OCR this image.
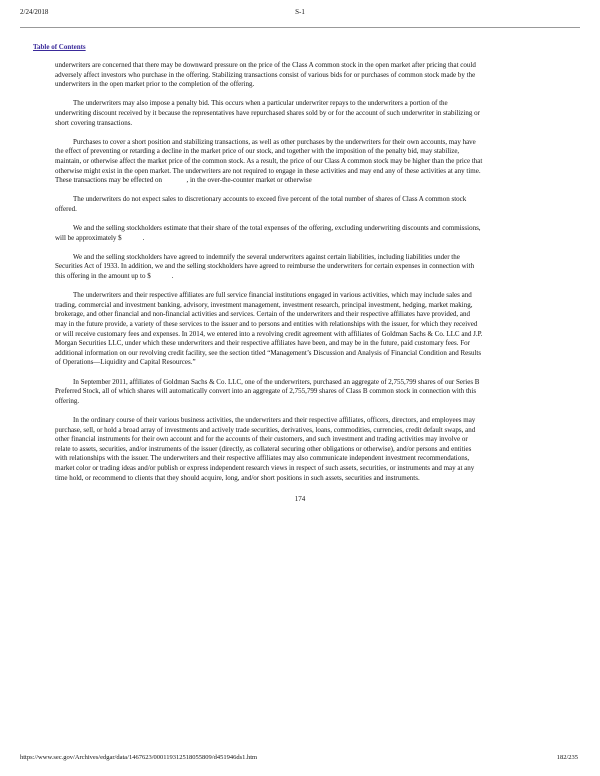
2/24/2018	S-1
Table of Contents
underwriters are concerned that there may be downward pressure on the price of the Class A common stock in the open market after pricing that could
adversely affect investors who purchase in the offering. Stabilizing transactions consist of various bids for or purchases of common stock made by the
underwriters in the open market prior to the completion of the offering.
The underwriters may also impose a penalty bid. This occurs when a particular underwriter repays to the underwriters a portion of the
underwriting discount received by it because the representatives have repurchased shares sold by or for the account of such underwriter in stabilizing or
short covering transactions.
Purchases to cover a short position and stabilizing transactions, as well as other purchases by the underwriters for their own accounts, may have
the effect of preventing or retarding a decline in the market price of our stock, and together with the imposition of the penalty bid, may stabilize,
maintain, or otherwise affect the market price of the common stock. As a result, the price of our Class A common stock may be higher than the price that
otherwise might exist in the open market. The underwriters are not required to engage in these activities and may end any of these activities at any time.
These transactions may be effected on              , in the over-the-counter market or otherwise
The underwriters do not expect sales to discretionary accounts to exceed five percent of the total number of shares of Class A common stock
offered.
We and the selling stockholders estimate that their share of the total expenses of the offering, excluding underwriting discounts and commissions,
will be approximately $            .
We and the selling stockholders have agreed to indemnify the several underwriters against certain liabilities, including liabilities under the
Securities Act of 1933. In addition, we and the selling stockholders have agreed to reimburse the underwriters for certain expenses in connection with
this offering in the amount up to $            .
The underwriters and their respective affiliates are full service financial institutions engaged in various activities, which may include sales and
trading, commercial and investment banking, advisory, investment management, investment research, principal investment, hedging, market making,
brokerage, and other financial and non-financial activities and services. Certain of the underwriters and their respective affiliates have provided, and
may in the future provide, a variety of these services to the issuer and to persons and entities with relationships with the issuer, for which they received
or will receive customary fees and expenses. In 2014, we entered into a revolving credit agreement with affiliates of Goldman Sachs & Co. LLC and J.P.
Morgan Securities LLC, under which these underwriters and their respective affiliates have been, and may be in the future, paid customary fees. For
additional information on our revolving credit facility, see the section titled “Management’s Discussion and Analysis of Financial Condition and Results
of Operations—Liquidity and Capital Resources.”
In September 2011, affiliates of Goldman Sachs & Co. LLC, one of the underwriters, purchased an aggregate of 2,755,799 shares of our Series B
Preferred Stock, all of which shares will automatically convert into an aggregate of 2,755,799 shares of Class B common stock in connection with this
offering.
In the ordinary course of their various business activities, the underwriters and their respective affiliates, officers, directors, and employees may
purchase, sell, or hold a broad array of investments and actively trade securities, derivatives, loans, commodities, currencies, credit default swaps, and
other financial instruments for their own account and for the accounts of their customers, and such investment and trading activities may involve or
relate to assets, securities, and/or instruments of the issuer (directly, as collateral securing other obligations or otherwise), and/or persons and entities
with relationships with the issuer. The underwriters and their respective affiliates may also communicate independent investment recommendations,
market color or trading ideas and/or publish or express independent research views in respect of such assets, securities, or instruments and may at any
time hold, or recommend to clients that they should acquire, long, and/or short positions in such assets, securities and instruments.
174
https://www.sec.gov/Archives/edgar/data/1467623/000119312518055809/d451946ds1.htm	182/235
